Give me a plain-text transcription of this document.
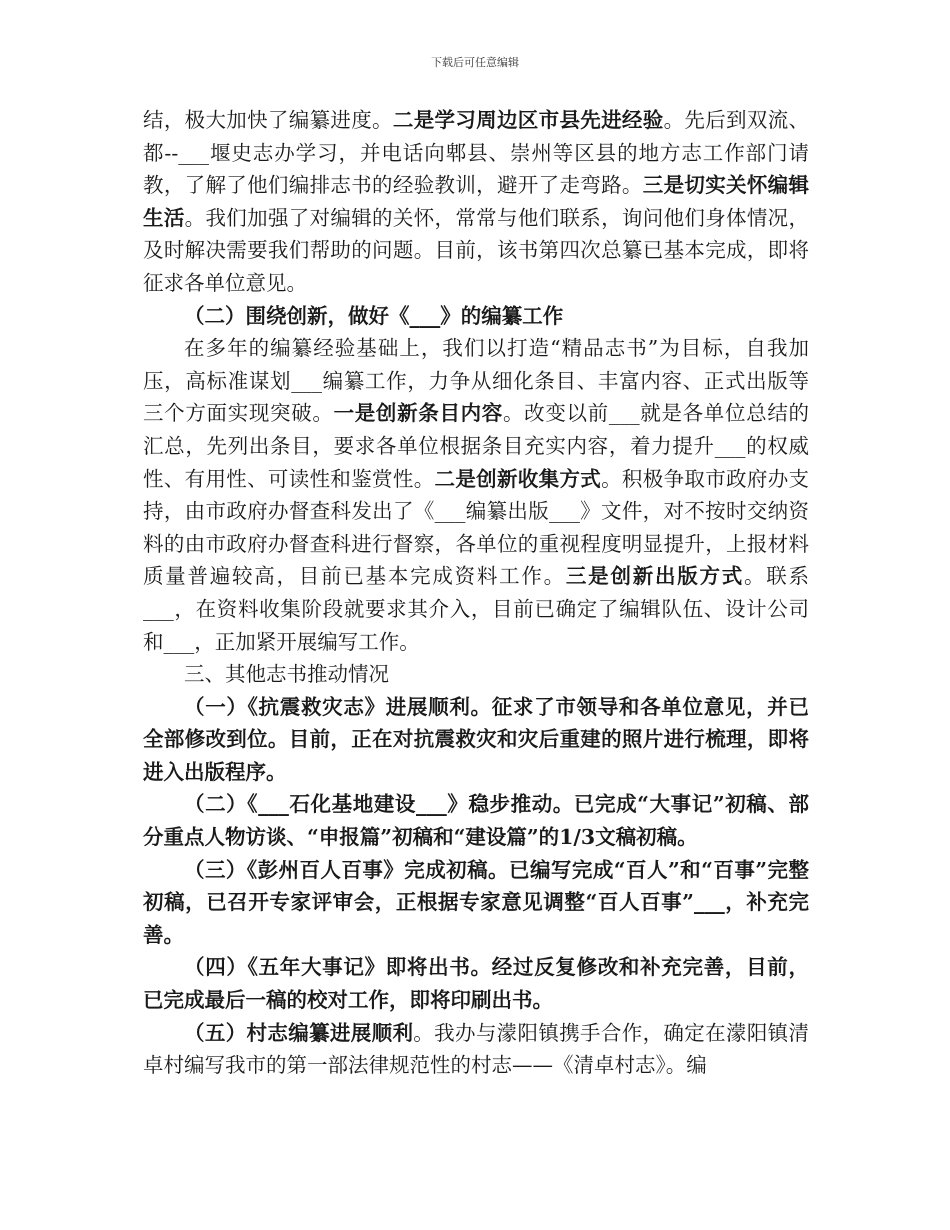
下载后可任意编辑

结，极大加快了编纂进度。二是学习周边区市县先进经验。先后到双流、都--___堰史志办学习，并电话向郫县、崇州等区县的地方志工作部门请教，了解了他们编排志书的经验教训，避开了走弯路。三是切实关怀编辑生活。我们加强了对编辑的关怀，常常与他们联系，询问他们身体情况，及时解决需要我们帮助的问题。目前，该书第四次总纂已基本完成，即将征求各单位意见。

（二）围绕创新，做好《___》的编纂工作

在多年的编纂经验基础上，我们以打造“精品志书”为目标，自我加压，高标准谋划___编纂工作，力争从细化条目、丰富内容、正式出版等三个方面实现突破。一是创新条目内容。改变以前___就是各单位总结的汇总，先列出条目，要求各单位根据条目充实内容，着力提升___的权威性、有用性、可读性和鉴赏性。二是创新收集方式。积极争取市政府办支持，由市政府办督查科发出了《___编纂出版___》文件，对不按时交纳资料的由市政府办督查科进行督察，各单位的重视程度明显提升，上报材料质量普遍较高，目前已基本完成资料工作。三是创新出版方式。联系___，在资料收集阶段就要求其介入，目前已确定了编辑队伍、设计公司和___，正加紧开展编写工作。

三、其他志书推动情况

（一）《抗震救灾志》进展顺利。征求了市领导和各单位意见，并已全部修改到位。目前，正在对抗震救灾和灾后重建的照片进行梳理，即将进入出版程序。

（二）《___石化基地建设___》稳步推动。已完成“大事记”初稿、部分重点人物访谈、“申报篇”初稿和“建设篇”的1/3文稿初稿。

（三）《彭州百人百事》完成初稿。已编写完成“百人”和“百事”完整初稿，已召开专家评审会，正根据专家意见调整“百人百事”___，补充完善。

（四）《五年大事记》即将出书。经过反复修改和补充完善，目前，已完成最后一稿的校对工作，即将印刷出书。

（五）村志编纂进展顺利。我办与濛阳镇携手合作，确定在濛阳镇清卓村编写我市的第一部法律规范性的村志——《清卓村志》。编
